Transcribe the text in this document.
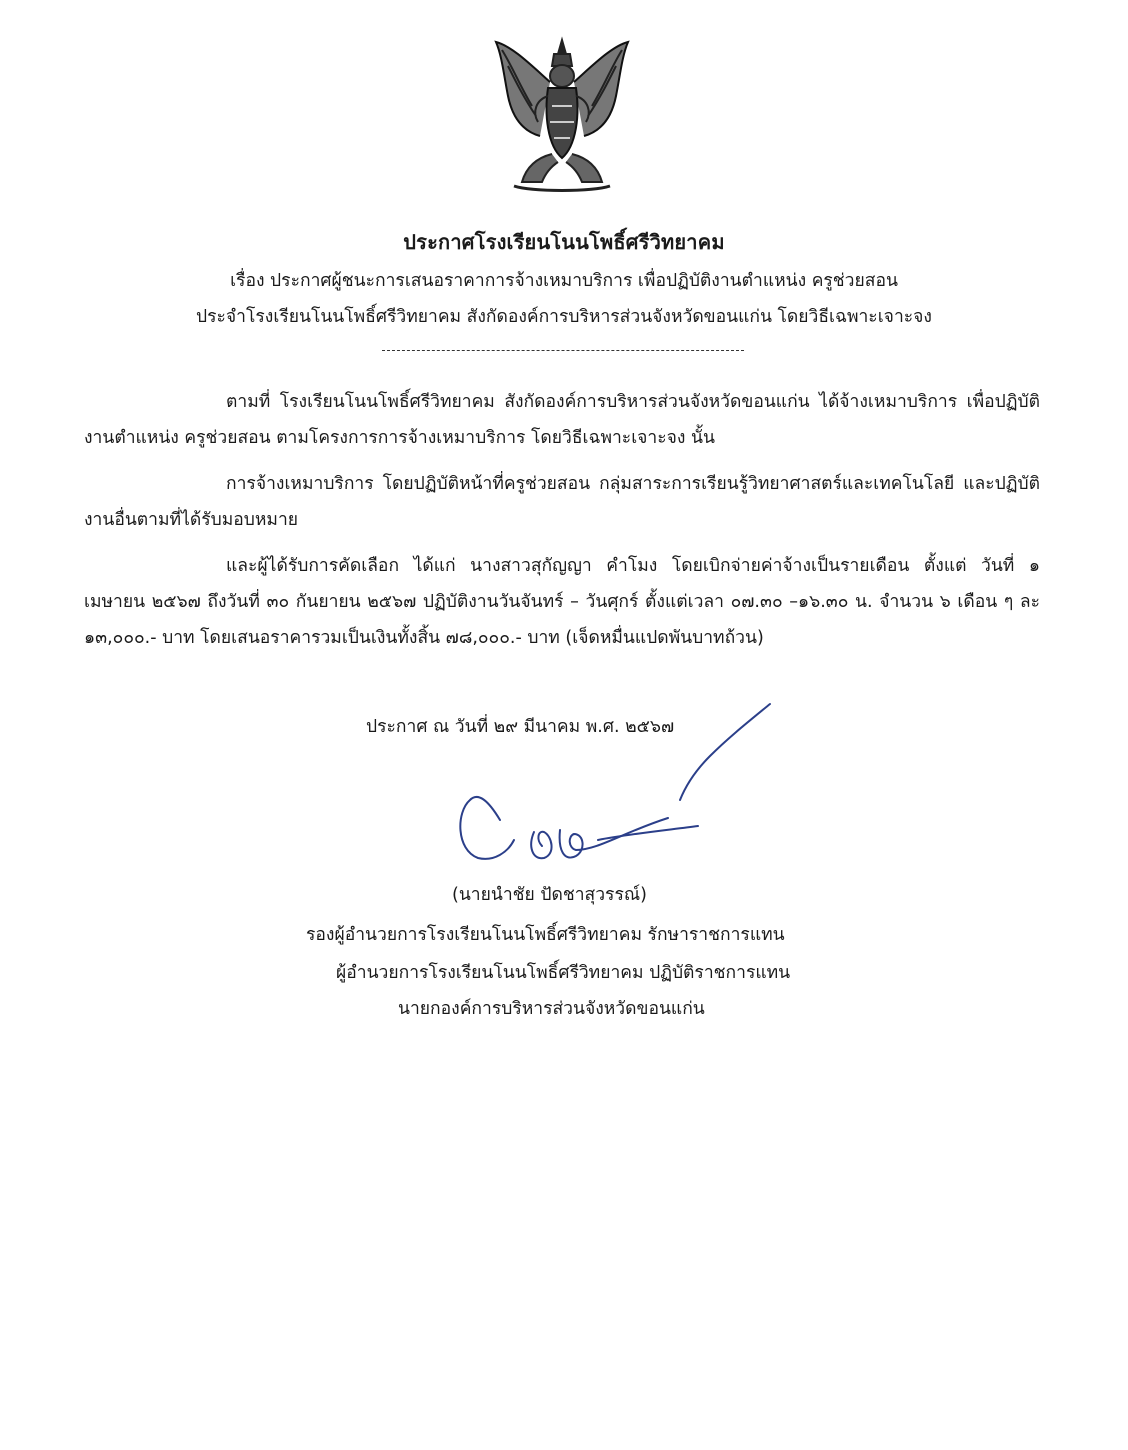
ประกาศโรงเรียนโนนโพธิ์ศรีวิทยาคม
เรื่อง ประกาศผู้ชนะการเสนอราคาการจ้างเหมาบริการ เพื่อปฏิบัติงานตำแหน่ง ครูช่วยสอน
ประจำโรงเรียนโนนโพธิ์ศรีวิทยาคม สังกัดองค์การบริหารส่วนจังหวัดขอนแก่น โดยวิธีเฉพาะเจาะจง
ตามที่ โรงเรียนโนนโพธิ์ศรีวิทยาคม สังกัดองค์การบริหารส่วนจังหวัดขอนแก่น ได้จ้างเหมาบริการ เพื่อปฏิบัติงานตำแหน่ง ครูช่วยสอน ตามโครงการการจ้างเหมาบริการ โดยวิธีเฉพาะเจาะจง นั้น
การจ้างเหมาบริการ โดยปฏิบัติหน้าที่ครูช่วยสอน กลุ่มสาระการเรียนรู้วิทยาศาสตร์และเทคโนโลยี และปฏิบัติงานอื่นตามที่ได้รับมอบหมาย
และผู้ได้รับการคัดเลือก ได้แก่ นางสาวสุกัญญา คำโมง โดยเบิกจ่ายค่าจ้างเป็นรายเดือน ตั้งแต่ วันที่ ๑ เมษายน ๒๕๖๗ ถึงวันที่ ๓๐ กันยายน ๒๕๖๗ ปฏิบัติงานวันจันทร์ – วันศุกร์ ตั้งแต่เวลา ๐๗.๓๐ –๑๖.๓๐ น. จำนวน ๖ เดือน ๆ ละ ๑๓,๐๐๐.- บาท โดยเสนอราคารวมเป็นเงินทั้งสิ้น ๗๘,๐๐๐.- บาท (เจ็ดหมื่นแปดพันบาทถ้วน)
ประกาศ ณ วันที่ ๒๙ มีนาคม พ.ศ. ๒๕๖๗
(นายนำชัย ปัดชาสุวรรณ์)
รองผู้อำนวยการโรงเรียนโนนโพธิ์ศรีวิทยาคม รักษาราชการแทน
ผู้อำนวยการโรงเรียนโนนโพธิ์ศรีวิทยาคม ปฏิบัติราชการแทน
นายกองค์การบริหารส่วนจังหวัดขอนแก่น
